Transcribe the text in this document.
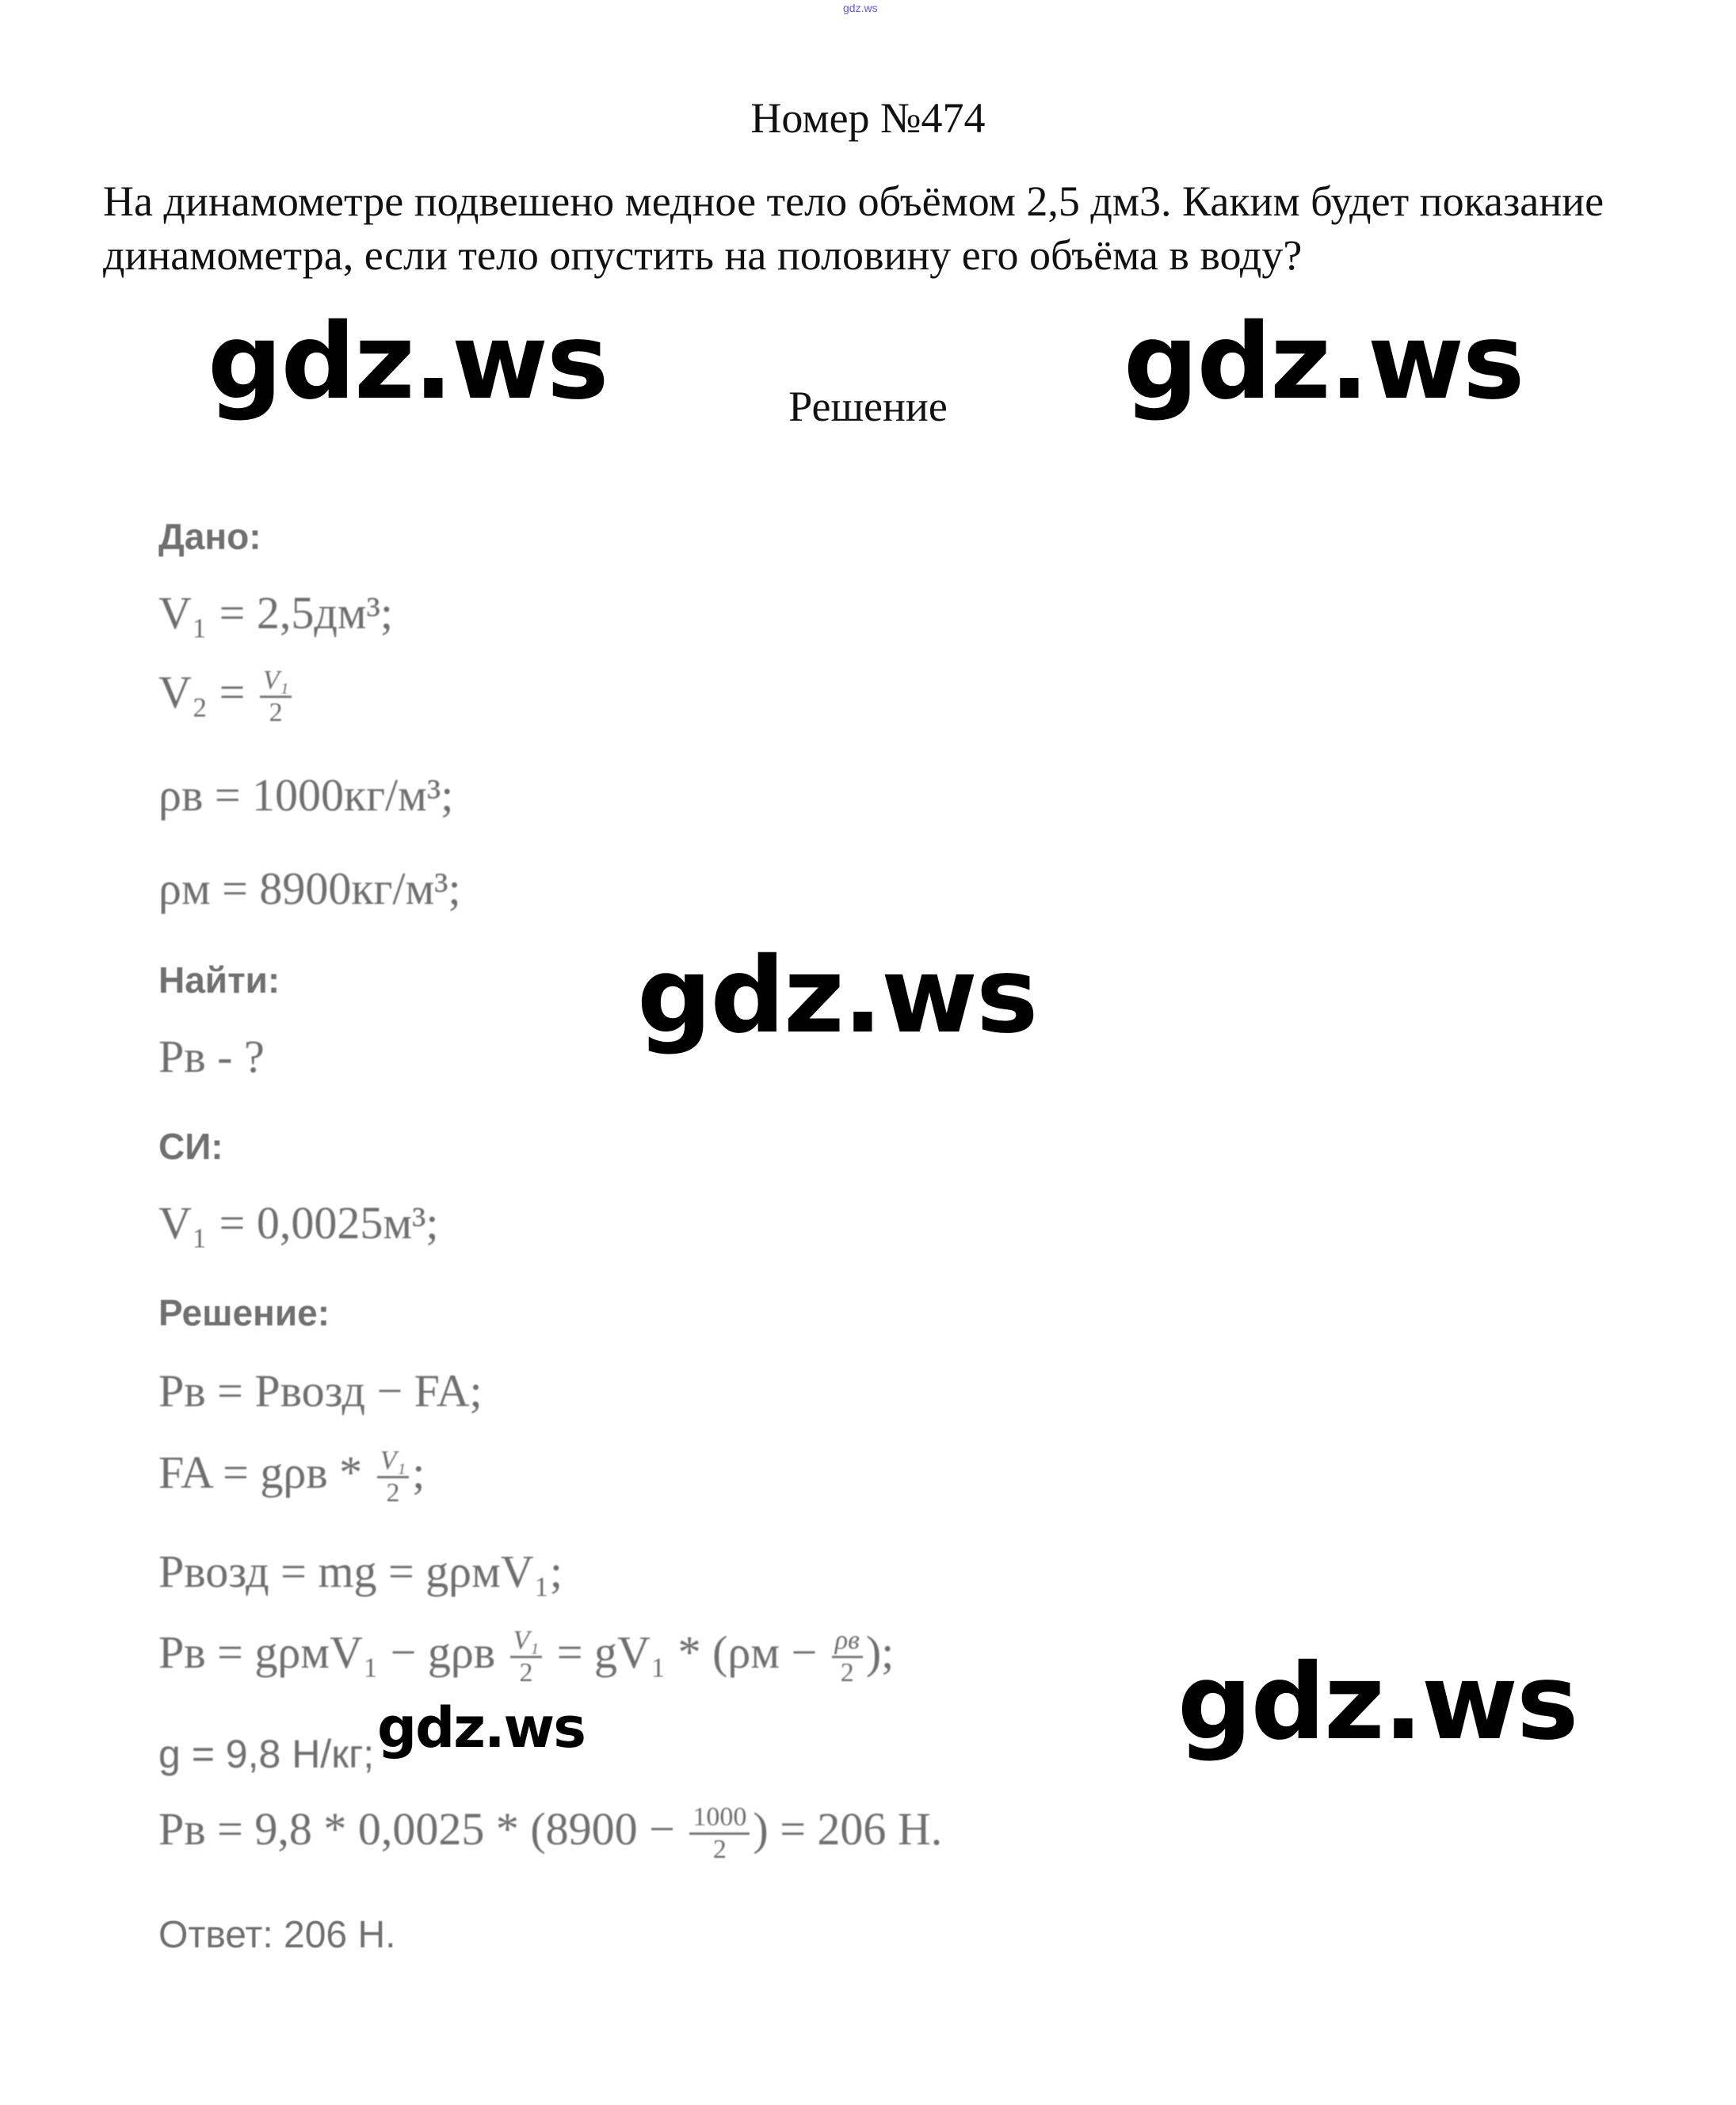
gdz.ws
Номер №474
На динамометре подвешено медное тело объёмом 2,5 дм3. Каким будет показание динамометра, если тело опустить на половину его объёма в воду?
Решение
gdz.ws	gdz.ws
gdz.ws
gdz.ws
gdz.ws
Дано:
V₁ = 2,5дм³;
$V_2 = \frac{\text{V₁}}{2}$
ρв = 1000кг/м³;
ρм = 8900кг/м³;
Найти:
Pв - ?
СИ:
V₁ = 0,0025м³;
Решение:
Pв = Pвозд − FA;
FA = gρв * $\frac{\text{V₁}}{2}$ ;
Pвозд = mg = gρмV₁;
Pв = gρмV₁ − gρв $\frac{\text{V₁}}{2} = gV_1 * (\rho м - \frac{\rho в}{2}$ );
g = 9,8 Н/кг;
Pв = $9,8 * 0,0025 * (8900 - \frac{1000}{2}$ ) = 206 Н.
Ответ: 206 Н.
